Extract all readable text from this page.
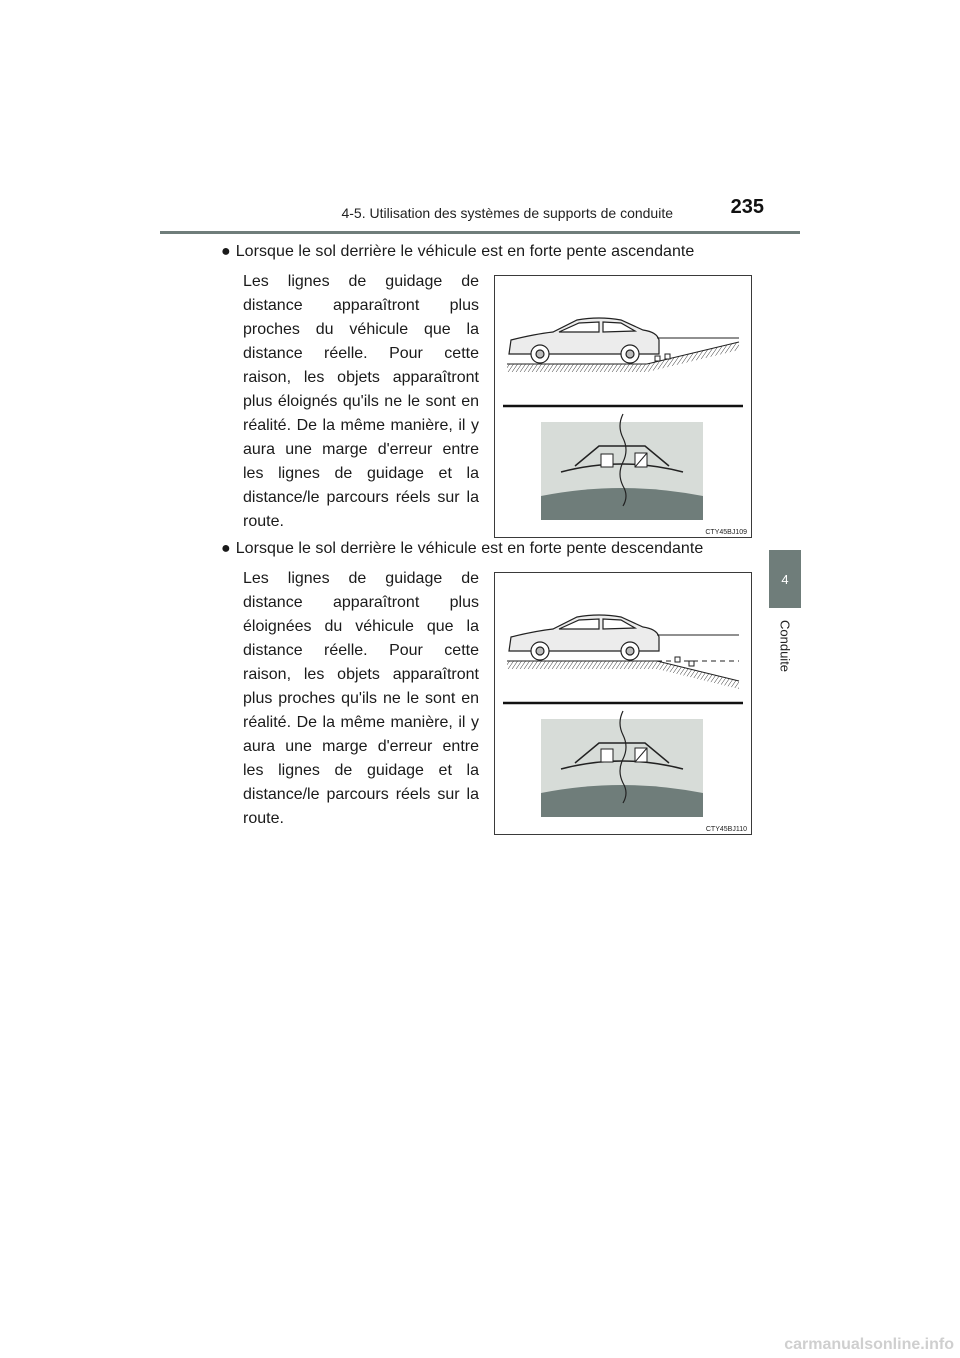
4-5. Utilisation des systèmes de supports de conduite	235
4
Conduite
● Lorsque le sol derrière le véhicule est en forte pente ascendante
Les lignes de guidage de distance apparaîtront plus proches du véhicule que la distance réelle. Pour cette raison, les objets apparaîtront plus éloignés qu'ils ne le sont en réalité. De la même manière, il y aura une marge d'erreur entre les lignes de guidage et la distance/le parcours réels sur la route.
CTY45BJ109
● Lorsque le sol derrière le véhicule est en forte pente descendante
Les lignes de guidage de distance apparaîtront plus éloignées du véhicule que la distance réelle. Pour cette raison, les objets apparaîtront plus proches qu'ils ne le sont en réalité. De la même manière, il y aura une marge d'erreur entre les lignes de guidage et la distance/le parcours réels sur la route.
CTY45BJ110
carmanualsonline.info
